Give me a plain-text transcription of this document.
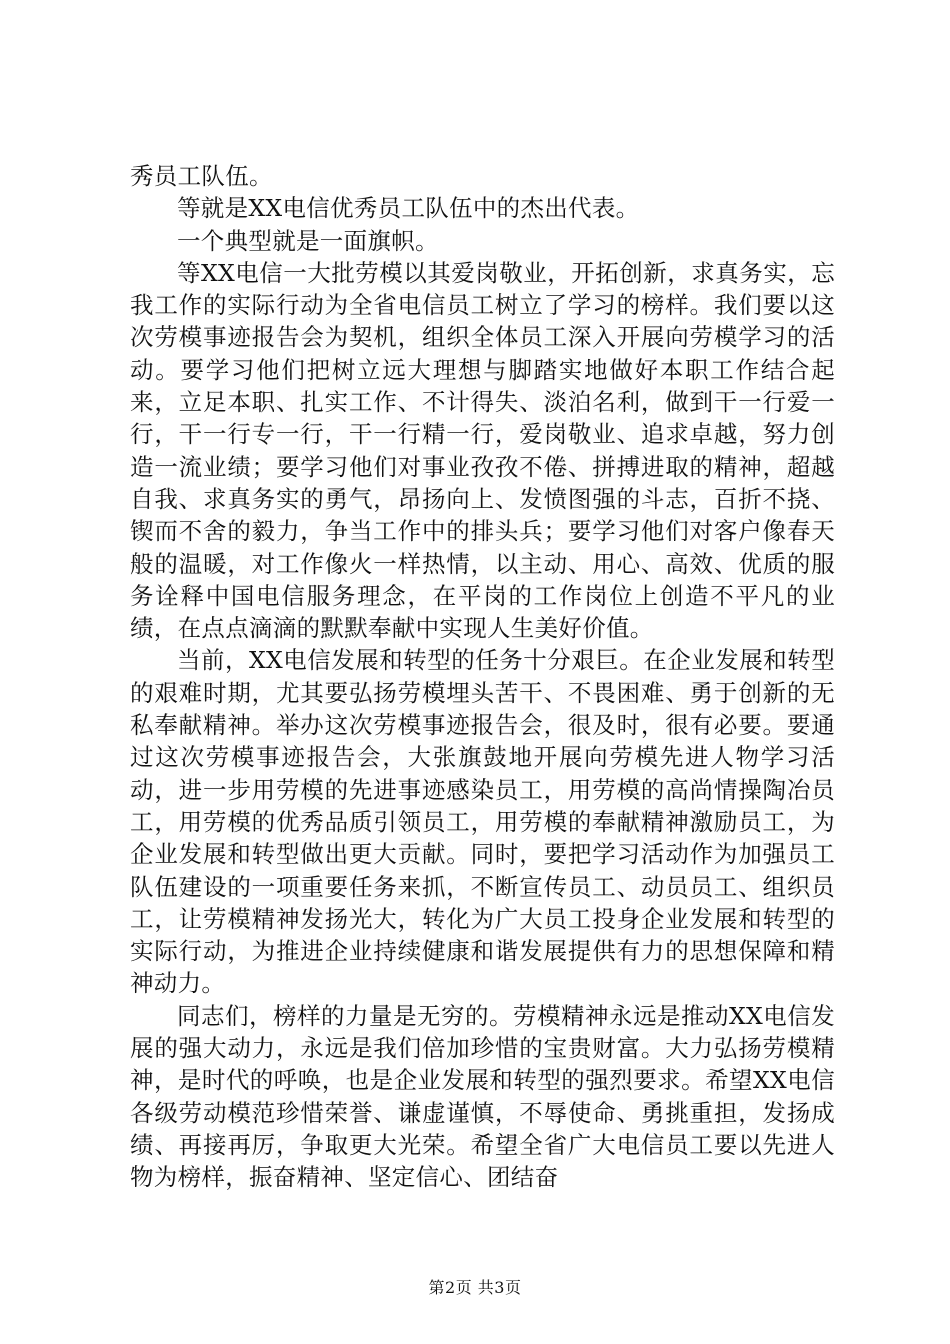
秀员工队伍。

等就是XX电信优秀员工队伍中的杰出代表。

一个典型就是一面旗帜。

等XX电信一大批劳模以其爱岗敬业，开拓创新，求真务实，忘我工作的实际行动为全省电信员工树立了学习的榜样。我们要以这次劳模事迹报告会为契机，组织全体员工深入开展向劳模学习的活动。要学习他们把树立远大理想与脚踏实地做好本职工作结合起来，立足本职、扎实工作、不计得失、淡泊名利，做到干一行爱一行，干一行专一行，干一行精一行，爱岗敬业、追求卓越，努力创造一流业绩；要学习他们对事业孜孜不倦、拼搏进取的精神，超越自我、求真务实的勇气，昂扬向上、发愤图强的斗志，百折不挠、锲而不舍的毅力，争当工作中的排头兵；要学习他们对客户像春天般的温暖，对工作像火一样热情，以主动、用心、高效、优质的服务诠释中国电信服务理念，在平岗的工作岗位上创造不平凡的业绩，在点点滴滴的默默奉献中实现人生美好价值。

当前，XX电信发展和转型的任务十分艰巨。在企业发展和转型的艰难时期，尤其要弘扬劳模埋头苦干、不畏困难、勇于创新的无私奉献精神。举办这次劳模事迹报告会，很及时，很有必要。要通过这次劳模事迹报告会，大张旗鼓地开展向劳模先进人物学习活动，进一步用劳模的先进事迹感染员工，用劳模的高尚情操陶冶员工，用劳模的优秀品质引领员工，用劳模的奉献精神激励员工，为企业发展和转型做出更大贡献。同时，要把学习活动作为加强员工队伍建设的一项重要任务来抓，不断宣传员工、动员员工、组织员工，让劳模精神发扬光大，转化为广大员工投身企业发展和转型的实际行动，为推进企业持续健康和谐发展提供有力的思想保障和精神动力。

同志们，榜样的力量是无穷的。劳模精神永远是推动XX电信发展的强大动力，永远是我们倍加珍惜的宝贵财富。大力弘扬劳模精神，是时代的呼唤，也是企业发展和转型的强烈要求。希望XX电信各级劳动模范珍惜荣誉、谦虚谨慎，不辱使命、勇挑重担，发扬成绩、再接再厉，争取更大光荣。希望全省广大电信员工要以先进人物为榜样，振奋精神、坚定信心、团结奋

第2页 共3页
